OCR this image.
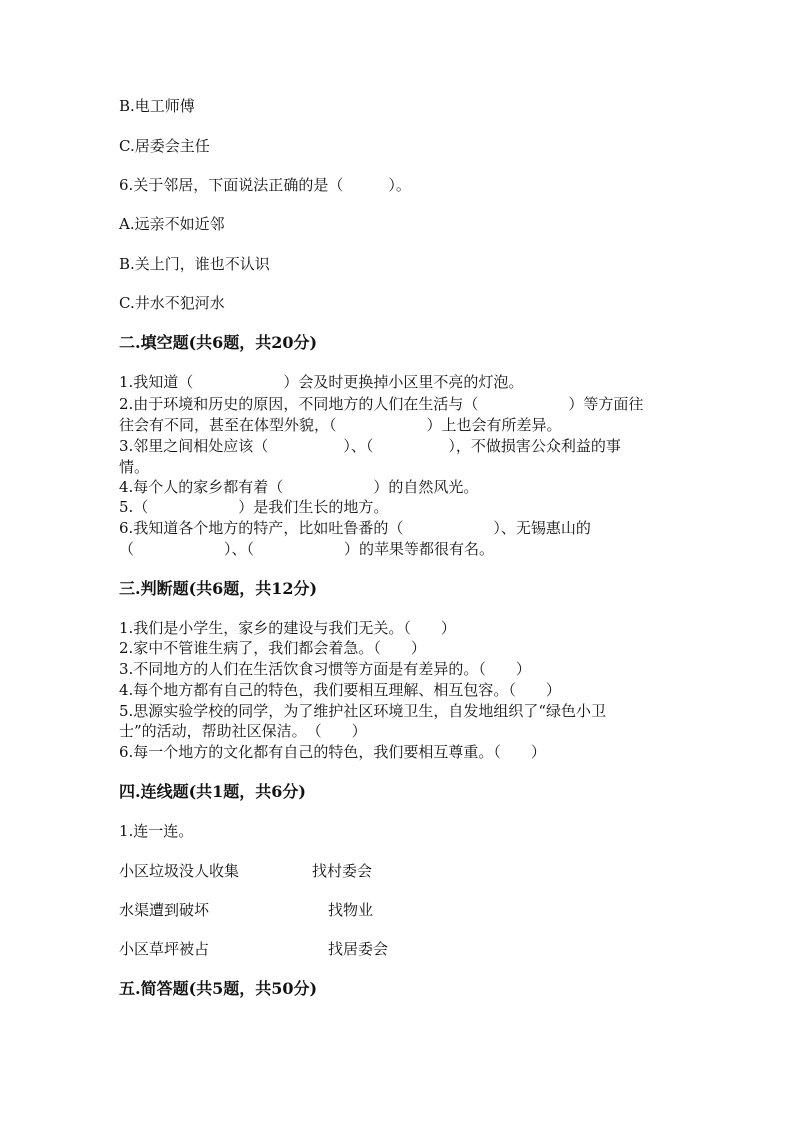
B.电工师傅
C.居委会主任
6.关于邻居，下面说法正确的是（　　　）。
A.远亲不如近邻
B.关上门，谁也不认识
C.井水不犯河水
二.填空题(共6题，共20分)
1.我知道（　　　　　　）会及时更换掉小区里不亮的灯泡。
2.由于环境和历史的原因，不同地方的人们在生活与（　　　　　　）等方面往
往会有不同，甚至在体型外貌，（　　　　　　）上也会有所差异。
3.邻里之间相处应该（　　　　　）、（　　　　　），不做损害公众利益的事
情。
4.每个人的家乡都有着（　　　　　　）的自然风光。
5.（　　　　　　）是我们生长的地方。
6.我知道各个地方的特产，比如吐鲁番的（　　　　　　）、无锡惠山的
（　　　　　　）、（　　　　　　）的苹果等都很有名。
三.判断题(共6题，共12分)
1.我们是小学生，家乡的建设与我们无关。（　　）
2.家中不管谁生病了，我们都会着急。（　　）
3.不同地方的人们在生活饮食习惯等方面是有差异的。（　　）
4.每个地方都有自己的特色，我们要相互理解、相互包容。（　　）
5.思源实验学校的同学，为了维护社区环境卫生，自发地组织了“绿色小卫
士”的活动，帮助社区保洁。　（　　）
6.每一个地方的文化都有自己的特色，我们要相互尊重。（　　）
四.连线题(共1题，共6分)
1.连一连。
小区垃圾没人收集	找村委会
水渠遭到破坏	找物业
小区草坪被占	找居委会
五.简答题(共5题，共50分)
